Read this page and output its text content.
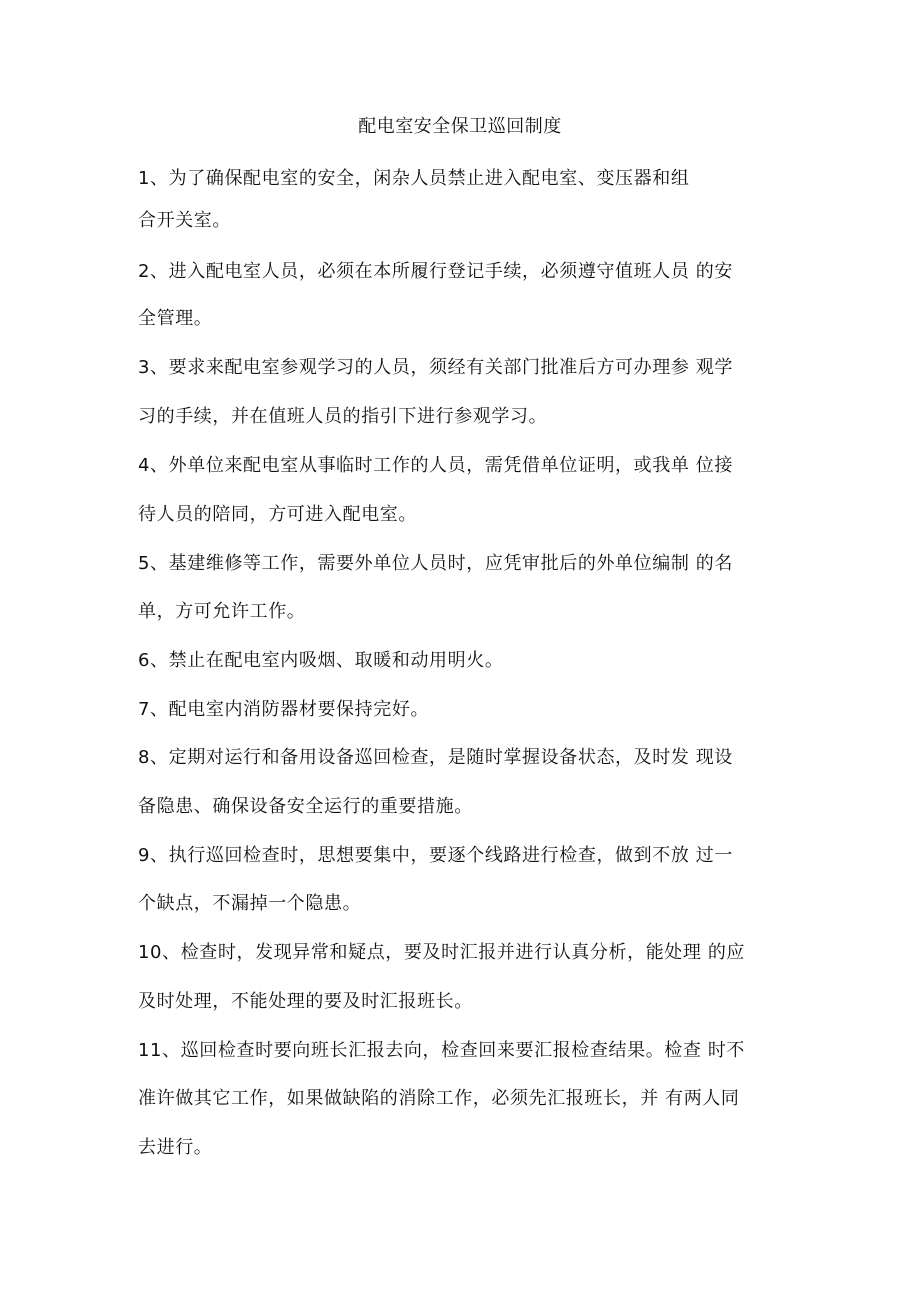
配电室安全保卫巡回制度
1、为了确保配电室的安全，闲杂人员禁止进入配电室、变压器和组
合开关室。
2、进入配电室人员，必须在本所履行登记手续，必须遵守值班人员 的安
全管理。
3、要求来配电室参观学习的人员，须经有关部门批准后方可办理参 观学
习的手续，并在值班人员的指引下进行参观学习。
4、外单位来配电室从事临时工作的人员，需凭借单位证明，或我单 位接
待人员的陪同，方可进入配电室。
5、基建维修等工作，需要外单位人员时，应凭审批后的外单位编制 的名
单，方可允许工作。
6、禁止在配电室内吸烟、取暖和动用明火。
7、配电室内消防器材要保持完好。
8、定期对运行和备用设备巡回检查，是随时掌握设备状态，及时发 现设
备隐患、确保设备安全运行的重要措施。
9、执行巡回检查时，思想要集中，要逐个线路进行检查，做到不放 过一
个缺点，不漏掉一个隐患。
10、检查时，发现异常和疑点，要及时汇报并进行认真分析，能处理 的应
及时处理，不能处理的要及时汇报班长。
11、巡回检查时要向班长汇报去向，检查回来要汇报检查结果。检查 时不
准许做其它工作，如果做缺陷的消除工作，必须先汇报班长，并 有两人同
去进行。
